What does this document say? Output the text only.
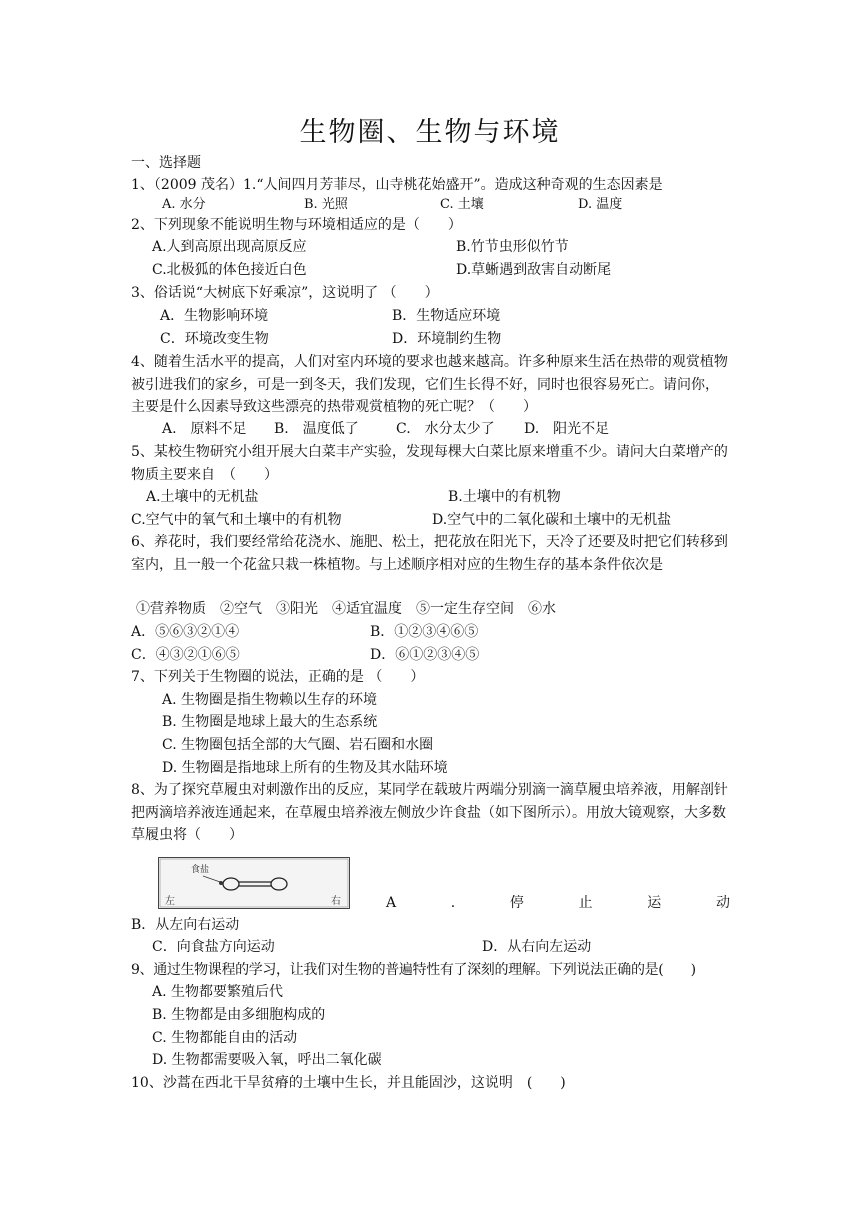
生物圈、生物与环境
一、选择题
1、（2009 茂名）1.“人间四月芳菲尽，山寺桃花始盛开”。造成这种奇观的生态因素是
A. 水分	B. 光照	C. 土壤	D. 温度
2、下列现象不能说明生物与环境相适应的是（　　）
A.人到高原出现高原反应	B.竹节虫形似竹节
C.北极狐的体色接近白色	D.草蜥遇到敌害自动断尾
3、俗话说“大树底下好乘凉”，这说明了 （　　）
A．生物影响环境	B．生物适应环境
C．环境改变生物	D．环境制约生物
4、随着生活水平的提高，人们对室内环境的要求也越来越高。许多种原来生活在热带的观赏植物被引进我们的家乡，可是一到冬天，我们发现，它们生长得不好，同时也很容易死亡。请问你，主要是什么因素导致这些漂亮的热带观赏植物的死亡呢？（　　）
A.　原料不足 B.　温度低了	C.　水分太少了 D.　阳光不足
5、某校生物研究小组开展大白菜丰产实验，发现每棵大白菜比原来增重不少。请问大白菜增产的物质主要来自　（　　）
A.土壤中的无机盐	B.土壤中的有机物
C.空气中的氧气和土壤中的有机物	D.空气中的二氧化碳和土壤中的无机盐
6、养花时，我们要经常给花浇水、施肥、松土，把花放在阳光下，天冷了还要及时把它们转移到室内，且一般一个花盆只栽一株植物。与上述顺序相对应的生物生存的基本条件依次是
①营养物质　②空气　③阳光　④适宜温度　⑤一定生存空间　⑥水
A．⑤⑥③②①④	B．①②③④⑥⑤
C．④③②①⑥⑤	D．⑥①②③④⑤
7、下列关于生物圈的说法，正确的是 （　　）
A. 生物圈是指生物赖以生存的环境
B. 生物圈是地球上最大的生态系统
C. 生物圈包括全部的大气圈、岩石圈和水圈
D. 生物圈是指地球上所有的生物及其水陆环境
8、为了探究草履虫对刺激作出的反应，某同学在载玻片两端分别滴一滴草履虫培养液，用解剖针把两滴培养液连通起来，在草履虫培养液左侧放少许食盐（如下图所示）。用放大镜观察，大多数草履虫将（　　）
食盐
左	右	A	.	停	止	运	动
B．从左向右运动
C．向食盐方向运动	D．从右向左运动
9、通过生物课程的学习，让我们对生物的普遍特性有了深刻的理解。下列说法正确的是(　　)
A. 生物都要繁殖后代
B. 生物都是由多细胞构成的
C. 生物都能自由的活动
D. 生物都需要吸入氧，呼出二氧化碳
10、沙蒿在西北干旱贫瘠的土壤中生长，并且能固沙，这说明　(　　)
